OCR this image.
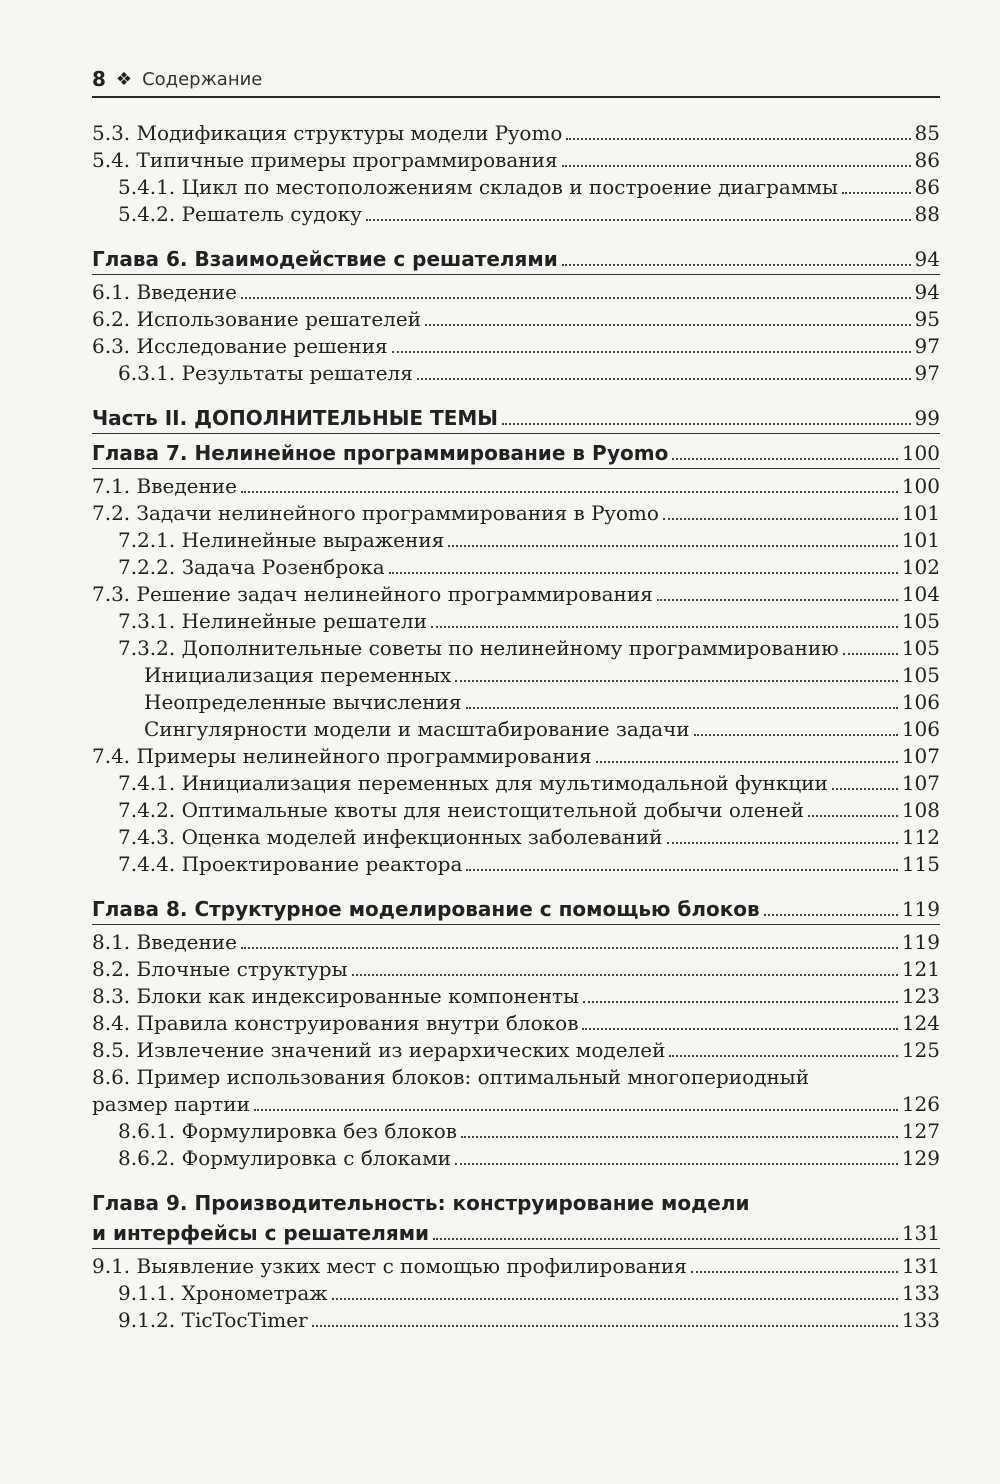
8 ❖ Содержание
5.3. Модификация структуры модели Pyomo	85
5.4. Типичные примеры программирования	86
5.4.1. Цикл по местоположениям складов и построение диаграммы	86
5.4.2. Решатель судоку	88
Глава 6. Взаимодействие с решателями	94
6.1. Введение	94
6.2. Использование решателей	95
6.3. Исследование решения	97
6.3.1. Результаты решателя	97
Часть II. ДОПОЛНИТЕЛЬНЫЕ ТЕМЫ	99
Глава 7. Нелинейное программирование в Pyomo	100
7.1. Введение	100
7.2. Задачи нелинейного программирования в Pyomo	101
7.2.1. Нелинейные выражения	101
7.2.2. Задача Розенброка	102
7.3. Решение задач нелинейного программирования	104
7.3.1. Нелинейные решатели	105
7.3.2. Дополнительные советы по нелинейному программированию	105
Инициализация переменных	105
Неопределенные вычисления	106
Сингулярности модели и масштабирование задачи	106
7.4. Примеры нелинейного программирования	107
7.4.1. Инициализация переменных для мультимодальной функции	107
7.4.2. Оптимальные квоты для неистощительной добычи оленей	108
7.4.3. Оценка моделей инфекционных заболеваний	112
7.4.4. Проектирование реактора	115
Глава 8. Структурное моделирование с помощью блоков	119
8.1. Введение	119
8.2. Блочные структуры	121
8.3. Блоки как индексированные компоненты	123
8.4. Правила конструирования внутри блоков	124
8.5. Извлечение значений из иерархических моделей	125
8.6. Пример использования блоков: оптимальный многопериодный
размер партии	126
8.6.1. Формулировка без блоков	127
8.6.2. Формулировка с блоками	129
Глава 9. Производительность: конструирование модели
и интерфейсы с решателями	131
9.1. Выявление узких мест с помощью профилирования	131
9.1.1. Хронометраж	133
9.1.2. TicTocTimer	133
